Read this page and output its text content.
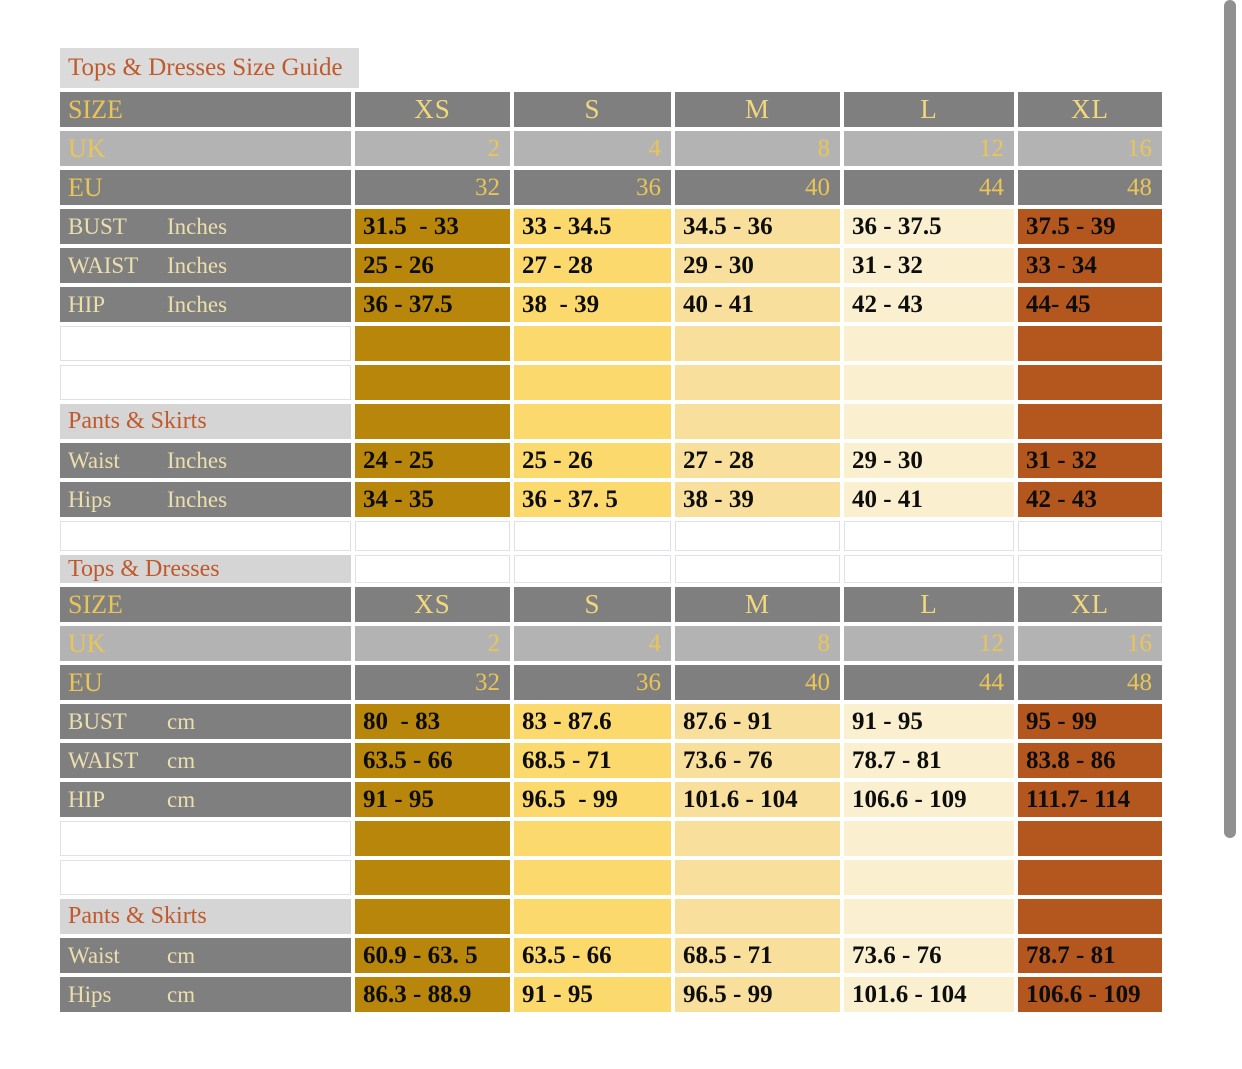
Tops & Dresses Size Guide
SIZE	XS	S	M	L	XL
UK	2	4	8	12	16
EU	32	36	40	44	48
BUST	Inches	31.5  - 33	33 - 34.5	34.5 - 36	36 - 37.5	37.5 - 39
WAIST	Inches	25 - 26	27 - 28	29 - 30	31 - 32	33 - 34
HIP	Inches	36 - 37.5	38  - 39	40 - 41	42 - 43	44- 45
Pants & Skirts
Waist	Inches	24 - 25	25 - 26	27 - 28	29 - 30	31 - 32
Hips	Inches	34 - 35	36 - 37. 5	38 - 39	40 - 41	42 - 43
Tops & Dresses
SIZE	XS	S	M	L	XL
UK	2	4	8	12	16
EU	32	36	40	44	48
BUST	cm	80  - 83	83 - 87.6	87.6 - 91	91 - 95	95 - 99
WAIST	cm	63.5 - 66	68.5 - 71	73.6 - 76	78.7 - 81	83.8 - 86
HIP	cm	91 - 95	96.5  - 99	101.6 - 104	106.6 - 109	111.7- 114
Pants & Skirts
Waist	cm	60.9 - 63. 5	63.5 - 66	68.5 - 71	73.6 - 76	78.7 - 81
Hips	cm	86.3 - 88.9	91 - 95	96.5 - 99	101.6 - 104	106.6 - 109
